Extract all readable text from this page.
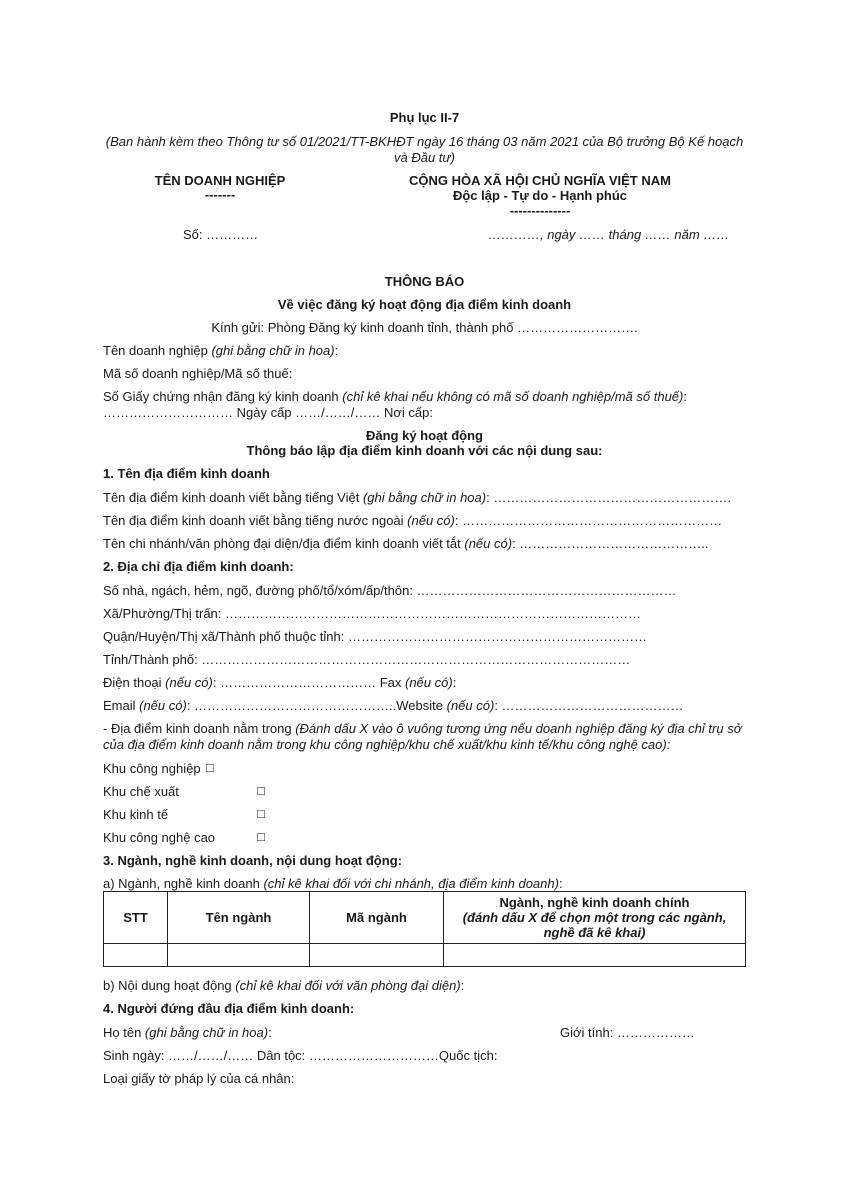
Phụ lục II-7
(Ban hành kèm theo Thông tư số 01/2021/TT-BKHĐT ngày 16 tháng 03 năm 2021 của Bộ trưởng Bộ Kế hoạch
và Đầu tư)
TÊN DOANH NGHIỆP
-------
CỘNG HÒA XÃ HỘI CHỦ NGHĨA VIỆT NAM
Độc lập - Tự do - Hạnh phúc
--------------
Số: …………	…………, ngày …… tháng …… năm ……
THÔNG BÁO
Về việc đăng ký hoạt động địa điểm kinh doanh
Kính gửi: Phòng Đăng ký kinh doanh tỉnh, thành phố ……………………….
Tên doanh nghiệp (ghi bằng chữ in hoa):
Mã số doanh nghiệp/Mã số thuế:
Số Giấy chứng nhận đăng ký kinh doanh (chỉ kê khai nếu không có mã số doanh nghiệp/mã số thuế):
………………………… Ngày cấp ……/……/…… Nơi cấp:
Đăng ký hoạt động
Thông báo lập địa điểm kinh doanh với các nội dung sau:
1. Tên địa điểm kinh doanh
Tên địa điểm kinh doanh viết bằng tiếng Việt (ghi bằng chữ in hoa): ……………………………………………….
Tên địa điểm kinh doanh viết bằng tiếng nước ngoài (nếu có): ……………………………………………………
Tên chi nhánh/văn phòng đại diện/địa điểm kinh doanh viết tắt (nếu có): ……………………………………..
2. Địa chỉ địa điểm kinh doanh:
Số nhà, ngách, hẻm, ngõ, đường phố/tổ/xóm/ấp/thôn: ……………………………………………………
Xã/Phường/Thị trấn: ……………………………………………………………………………………
Quận/Huyện/Thị xã/Thành phố thuộc tỉnh: ……………………………………………………………
Tỉnh/Thành phố: ………………………………………………………………………………………
Điện thoại (nếu có): ……………………………… Fax (nếu có):
Email (nếu có): ………………………………………..Website (nếu có): ……………………………………
- Địa điểm kinh doanh nằm trong (Đánh dấu X vào ô vuông tương ứng nếu doanh nghiệp đăng ký địa chỉ trụ sở
của địa điểm kinh doanh nằm trong khu công nghiệp/khu chế xuất/khu kinh tế/khu công nghệ cao):
Khu công nghiệp □
Khu chế xuất	□
Khu kinh tế	□
Khu công nghệ cao	□
3. Ngành, nghề kinh doanh, nội dung hoạt động:
a) Ngành, nghề kinh doanh (chỉ kê khai đối với chi nhánh, địa điểm kinh doanh):
STT	Tên ngành	Mã ngành	Ngành, nghề kinh doanh chính
(đánh dấu X để chọn một trong các ngành, nghề đã kê khai)

b) Nội dung hoạt động (chỉ kê khai đối với văn phòng đại diện):
4. Người đứng đầu địa điểm kinh doanh:
Họ tên (ghi bằng chữ in hoa):	Giới tính: ………………
Sinh ngày: ……/……/…… Dân tộc: …………………………Quốc tịch:
Loại giấy tờ pháp lý của cá nhân:
